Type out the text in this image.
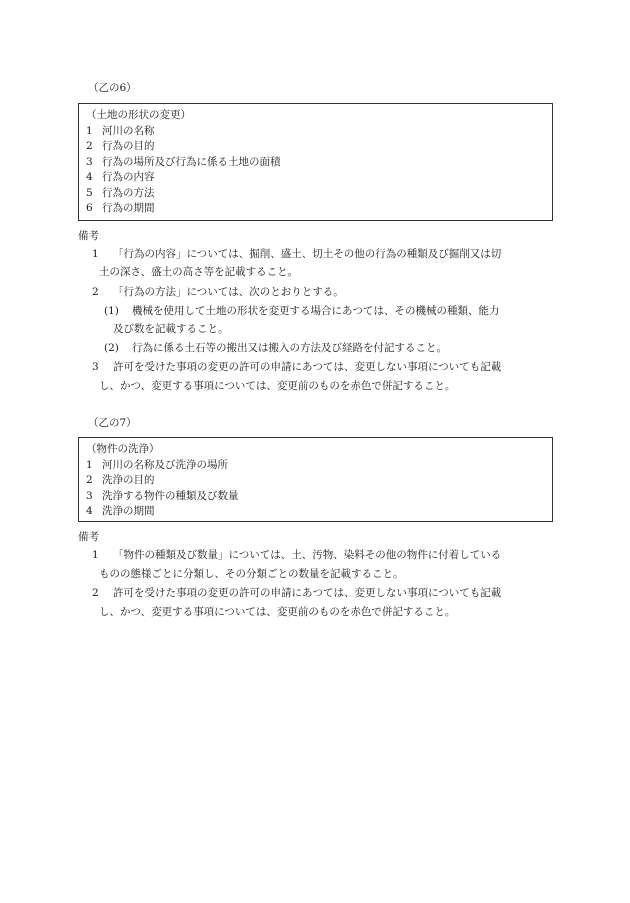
（乙の6）
（土地の形状の変更）
1 河川の名称
2 行為の目的
3 行為の場所及び行為に係る土地の面積
4 行為の内容
5 行為の方法
6 行為の期間
備考
1 「行為の内容」については、掘削、盛土、切土その他の行為の種類及び掘削又は切
土の深さ、盛土の高さ等を記載すること。
2 「行為の方法」については、次のとおりとする。
(1) 機械を使用して土地の形状を変更する場合にあつては、その機械の種類、能力
及び数を記載すること。
(2) 行為に係る土石等の搬出又は搬入の方法及び経路を付記すること。
3 許可を受けた事項の変更の許可の申請にあつては、変更しない事項についても記載
し、かつ、変更する事項については、変更前のものを赤色で併記すること。
（乙の7）
（物件の洗浄）
1 河川の名称及び洗浄の場所
2 洗浄の目的
3 洗浄する物件の種類及び数量
4 洗浄の期間
備考
1 「物件の種類及び数量」については、土、汚物、染料その他の物件に付着している
ものの態様ごとに分類し、その分類ごとの数量を記載すること。
2 許可を受けた事項の変更の許可の申請にあつては、変更しない事項についても記載
し、かつ、変更する事項については、変更前のものを赤色で併記すること。
